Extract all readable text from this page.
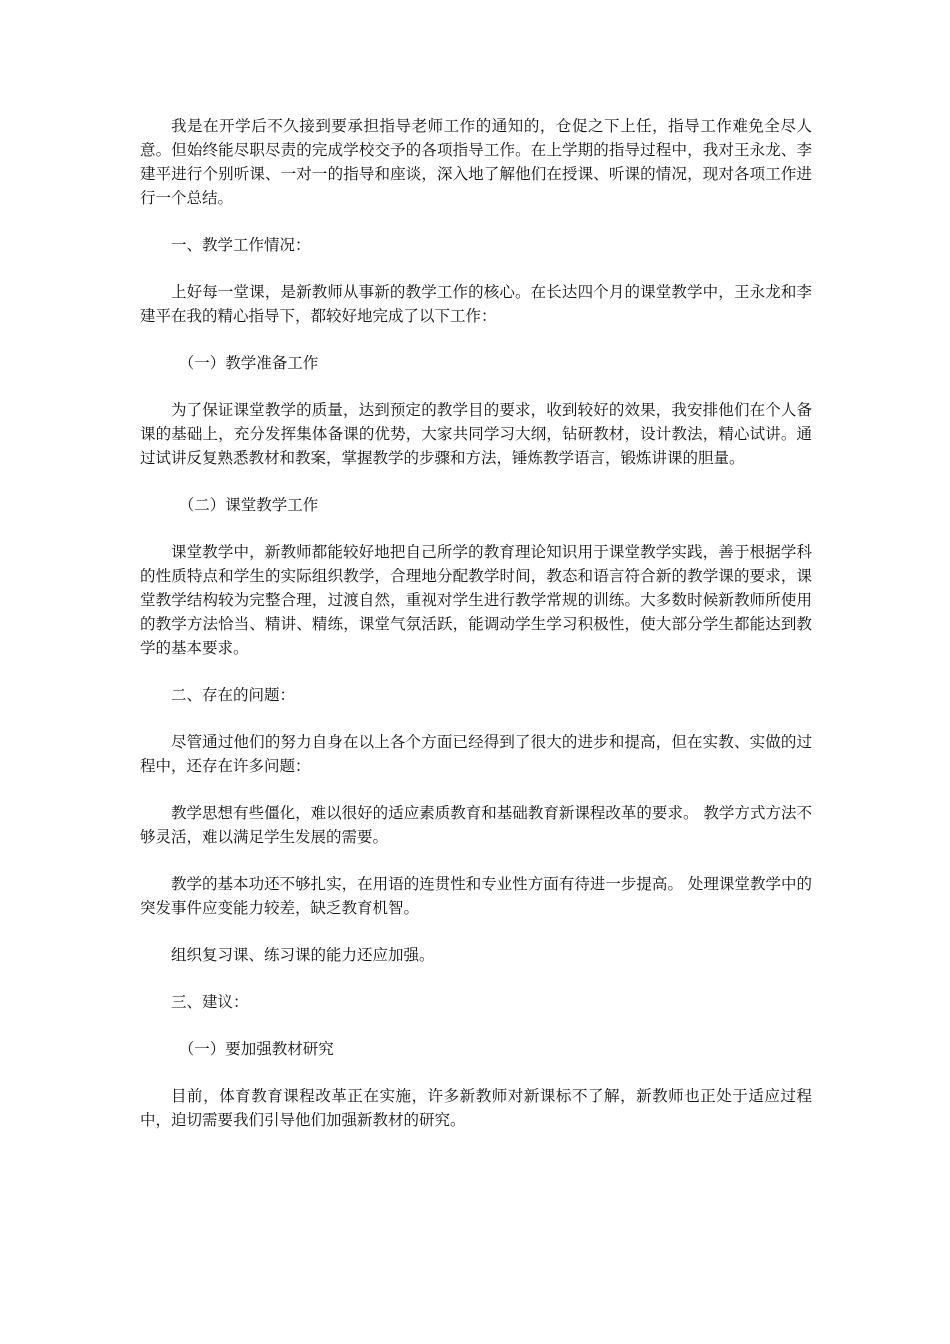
我是在开学后不久接到要承担指导老师工作的通知的，仓促之下上任，指导工作难免全尽人意。但始终能尽职尽责的完成学校交予的各项指导工作。在上学期的指导过程中，我对王永龙、李建平进行个别听课、一对一的指导和座谈，深入地了解他们在授课、听课的情况，现对各项工作进行一个总结。

一、教学工作情况：

上好每一堂课，是新教师从事新的教学工作的核心。在长达四个月的课堂教学中，王永龙和李建平在我的精心指导下，都较好地完成了以下工作：

（一）教学准备工作

为了保证课堂教学的质量，达到预定的教学目的要求，收到较好的效果，我安排他们在个人备课的基础上，充分发挥集体备课的优势，大家共同学习大纲，钻研教材，设计教法，精心试讲。通过试讲反复熟悉教材和教案，掌握教学的步骤和方法，锤炼教学语言，锻炼讲课的胆量。

（二）课堂教学工作

课堂教学中，新教师都能较好地把自己所学的教育理论知识用于课堂教学实践，善于根据学科的性质特点和学生的实际组织教学，合理地分配教学时间，教态和语言符合新的教学课的要求，课堂教学结构较为完整合理，过渡自然，重视对学生进行教学常规的训练。大多数时候新教师所使用的教学方法恰当、精讲、精练，课堂气氛活跃，能调动学生学习积极性，使大部分学生都能达到教学的基本要求。

二、存在的问题：

尽管通过他们的努力自身在以上各个方面已经得到了很大的进步和提高，但在实教、实做的过程中，还存在许多问题：

教学思想有些僵化，难以很好的适应素质教育和基础教育新课程改革的要求。 教学方式方法不够灵活，难以满足学生发展的需要。

教学的基本功还不够扎实，在用语的连贯性和专业性方面有待进一步提高。 处理课堂教学中的突发事件应变能力较差，缺乏教育机智。

组织复习课、练习课的能力还应加强。

三、建议：

（一）要加强教材研究

目前，体育教育课程改革正在实施，许多新教师对新课标不了解，新教师也正处于适应过程中，迫切需要我们引导他们加强新教材的研究。
